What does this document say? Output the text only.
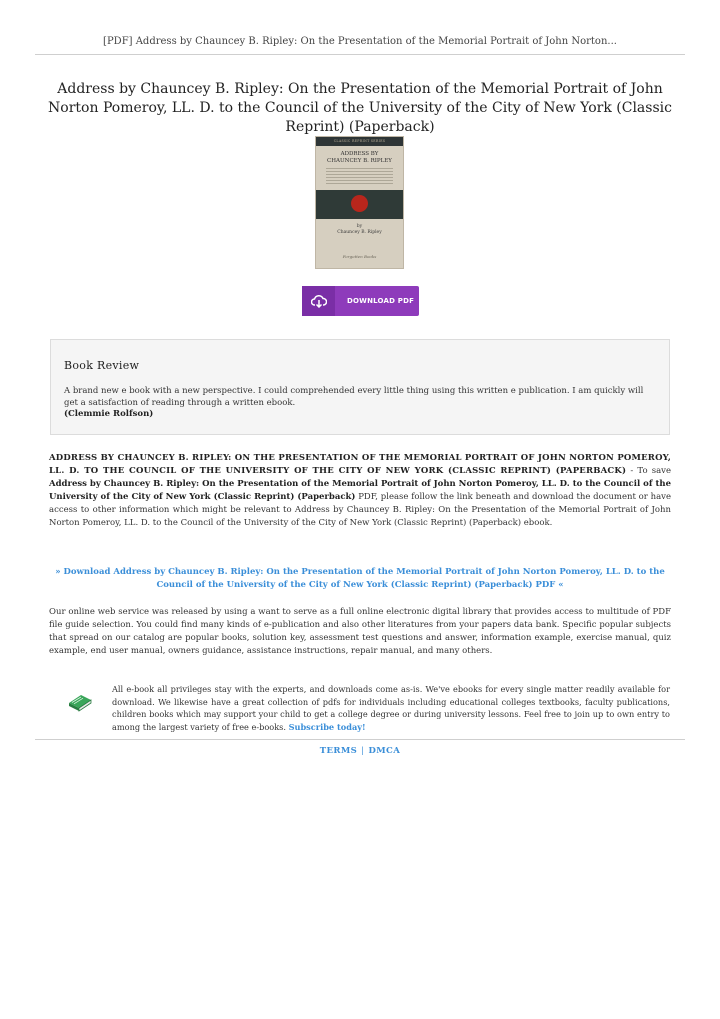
[PDF] Address by Chauncey B. Ripley: On the Presentation of the Memorial Portrait of John Norton...
Address by Chauncey B. Ripley: On the Presentation of the Memorial Portrait of John Norton Pomeroy, LL. D. to the Council of the University of the City of New York (Classic Reprint) (Paperback)
CLASSIC REPRINT SERIES
ADDRESS BY
CHAUNCEY B. RIPLEY
by
Chauncey B. Ripley
Forgotten Books
DOWNLOAD PDF
Book Review
A brand new e book with a new perspective. I could comprehended every little thing using this written e publication. I am quickly will get a satisfaction of reading through a written ebook.
(Clemmie Rolfson)
ADDRESS BY CHAUNCEY B. RIPLEY: ON THE PRESENTATION OF THE MEMORIAL PORTRAIT OF JOHN NORTON POMEROY, LL. D. TO THE COUNCIL OF THE UNIVERSITY OF THE CITY OF NEW YORK (CLASSIC REPRINT) (PAPERBACK) - To save Address by Chauncey B. Ripley: On the Presentation of the Memorial Portrait of John Norton Pomeroy, LL. D. to the Council of the University of the City of New York (Classic Reprint) (Paperback) PDF, please follow the link beneath and download the document or have access to other information which might be relevant to Address by Chauncey B. Ripley: On the Presentation of the Memorial Portrait of John Norton Pomeroy, LL. D. to the Council of the University of the City of New York (Classic Reprint) (Paperback) ebook.
» Download Address by Chauncey B. Ripley: On the Presentation of the Memorial Portrait of John Norton Pomeroy, LL. D. to the Council of the University of the City of New York (Classic Reprint) (Paperback) PDF «
Our online web service was released by using a want to serve as a full online electronic digital library that provides access to multitude of PDF file guide selection. You could find many kinds of e-publication and also other literatures from your papers data bank. Specific popular subjects that spread on our catalog are popular books, solution key, assessment test questions and answer, information example, exercise manual, quiz example, end user manual, owners guidance, assistance instructions, repair manual, and many others.
All e-book all privileges stay with the experts, and downloads come as-is. We've ebooks for every single matter readily available for download. We likewise have a great collection of pdfs for individuals including educational colleges textbooks, faculty publications, children books which may support your child to get a college degree or during university lessons. Feel free to join up to own entry to among the largest variety of free e-books. Subscribe today!
TERMS | DMCA
